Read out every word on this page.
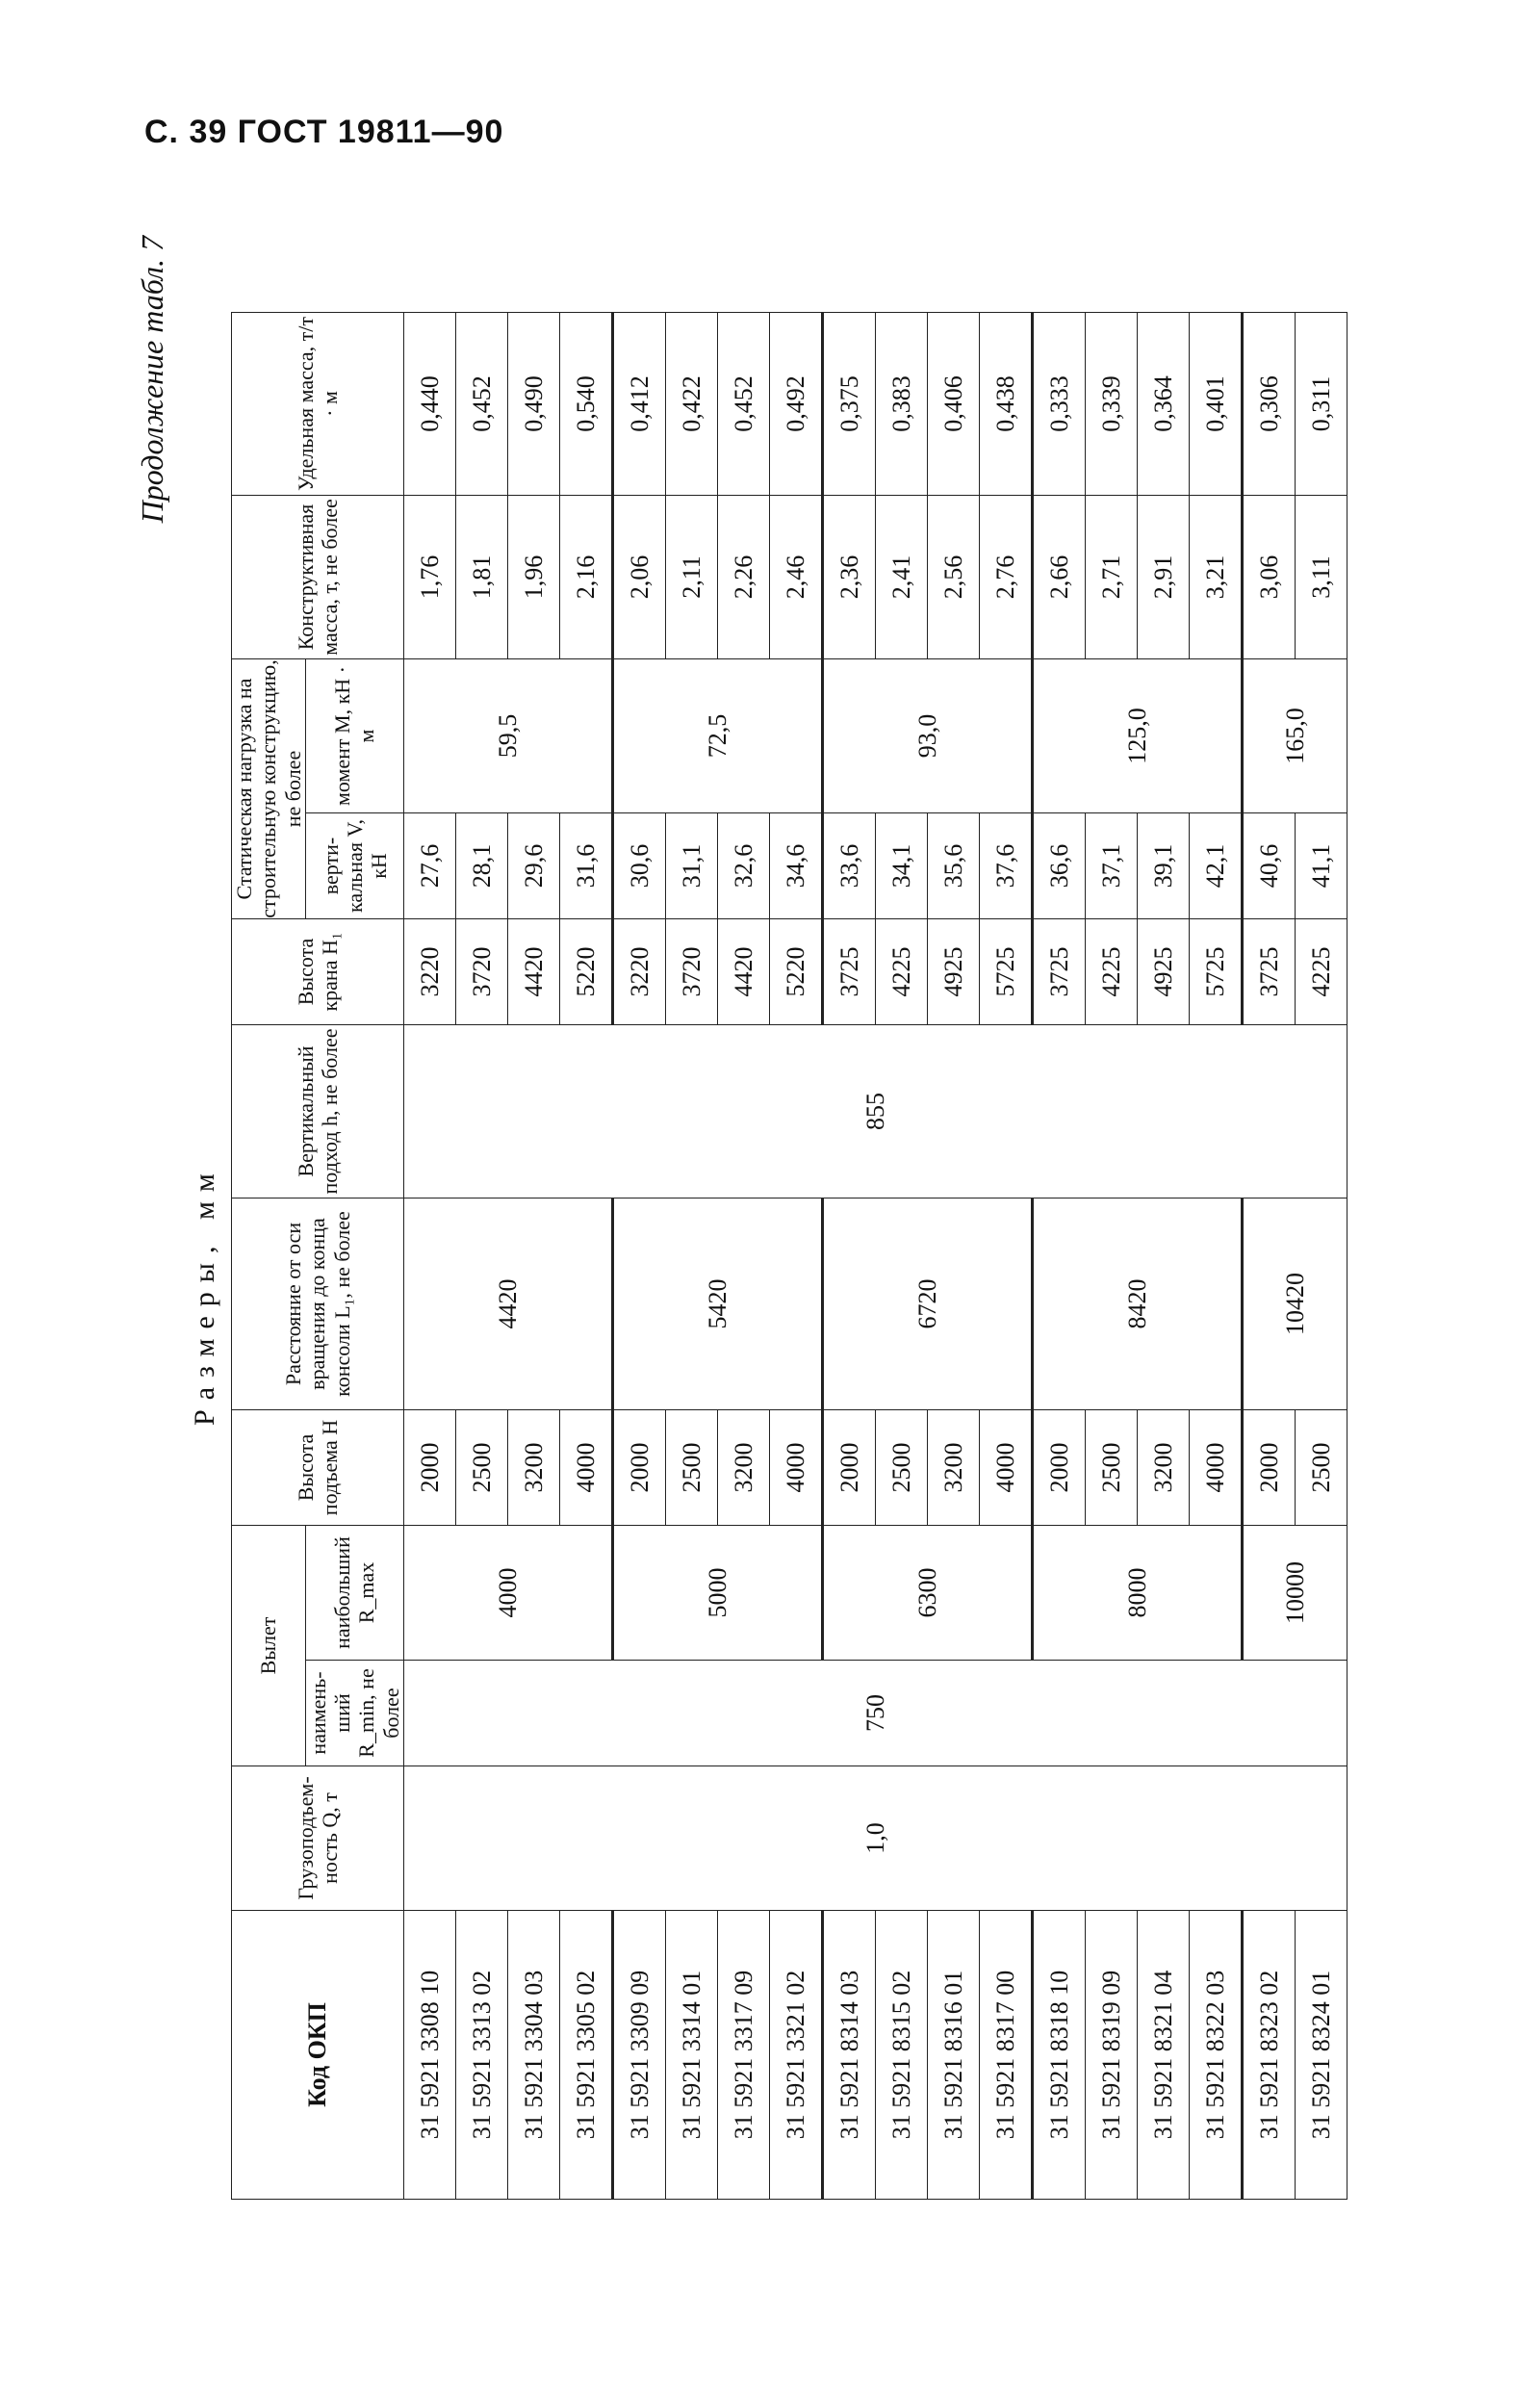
С. 39 ГОСТ 19811—90
Продолжение табл. 7
Размеры, мм
Код ОКП	Грузоподъемность Q, т	Вылет		Высота подъема H	Расстояние от оси вращения до конца консоли L₁, не более	Вертикальный подход h, не более	Высота крана H₁	Статическая нагрузка на строительную конструкцию, не более		Конструктивная масса, т, не более	Удельная масса, т/т · м
		наименьший R_min, не более	наибольший R_max					вертикальная V, кН	момент M, кН · м		
31 5921 3308 10	1,0	750	4000	2000	4420	855	3220	27,6	59,5	1,76	0,440
31 5921 3313 02				2500			3720	28,1		1,81	0,452
31 5921 3304 03				3200			4420	29,6		1,96	0,490
31 5921 3305 02				4000			5220	31,6		2,16	0,540
31 5921 3309 09			5000	2000	5420		3220	30,6	72,5	2,06	0,412
31 5921 3314 01				2500			3720	31,1		2,11	0,422
31 5921 3317 09				3200			4420	32,6		2,26	0,452
31 5921 3321 02				4000			5220	34,6		2,46	0,492
31 5921 8314 03			6300	2000	6720		3725	33,6	93,0	2,36	0,375
31 5921 8315 02				2500			4225	34,1		2,41	0,383
31 5921 8316 01				3200			4925	35,6		2,56	0,406
31 5921 8317 00				4000			5725	37,6		2,76	0,438
31 5921 8318 10			8000	2000	8420		3725	36,6	125,0	2,66	0,333
31 5921 8319 09				2500			4225	37,1		2,71	0,339
31 5921 8321 04				3200			4925	39,1		2,91	0,364
31 5921 8322 03				4000			5725	42,1		3,21	0,401
31 5921 8323 02			10000	2000	10420		3725	40,6	165,0	3,06	0,306
31 5921 8324 01				2500			4225	41,1		3,11	0,311
